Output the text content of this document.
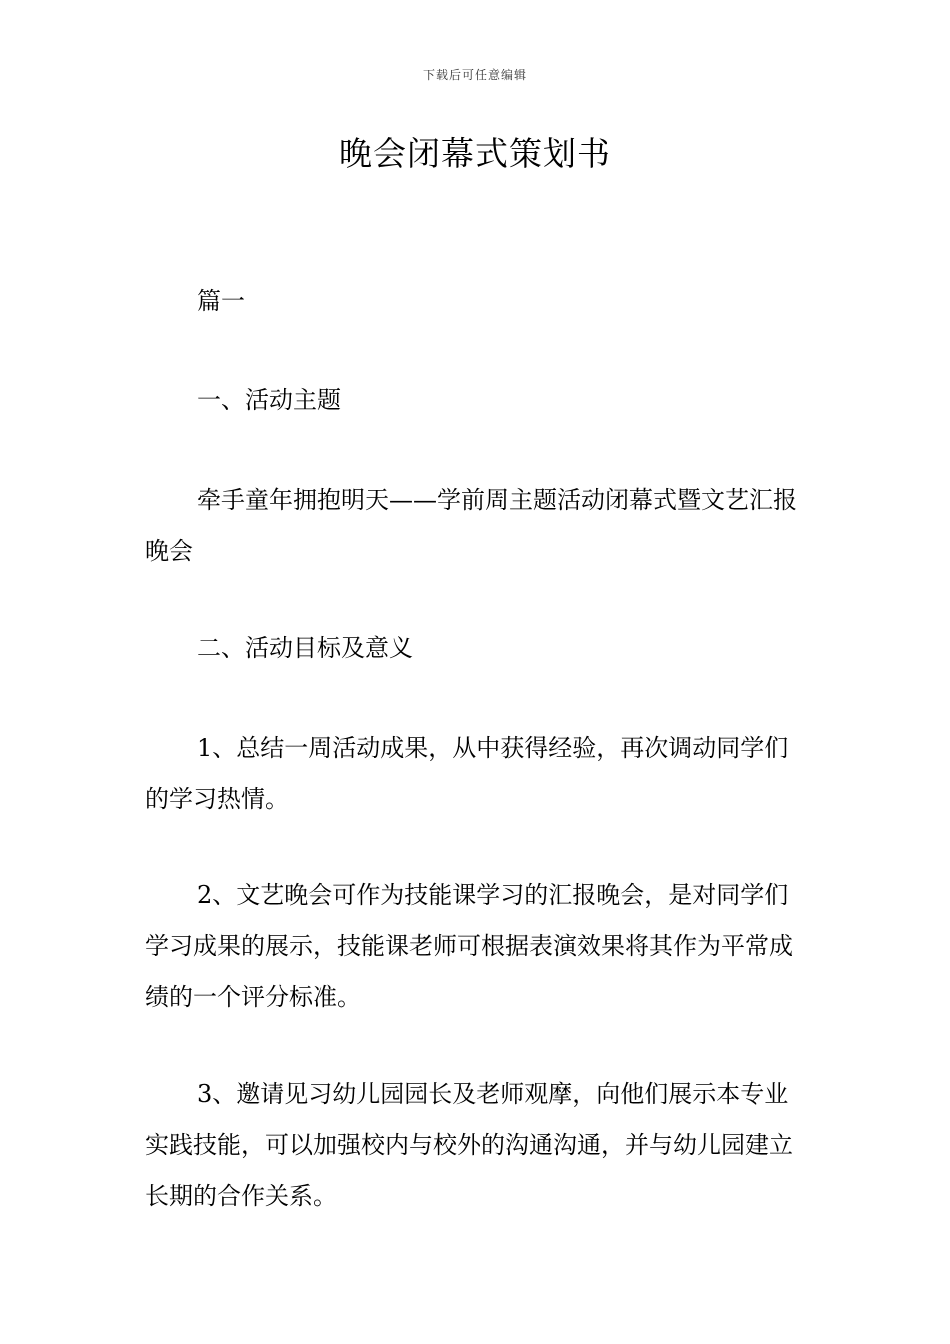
下载后可任意编辑
晚会闭幕式策划书

篇一

一、活动主题

牵手童年拥抱明天——学前周主题活动闭幕式暨文艺汇报晚会

二、活动目标及意义

1、总结一周活动成果，从中获得经验，再次调动同学们的学习热情。

2、文艺晚会可作为技能课学习的汇报晚会，是对同学们学习成果的展示，技能课老师可根据表演效果将其作为平常成绩的一个评分标准。

3、邀请见习幼儿园园长及老师观摩，向他们展示本专业实践技能，可以加强校内与校外的沟通沟通，并与幼儿园建立长期的合作关系。
